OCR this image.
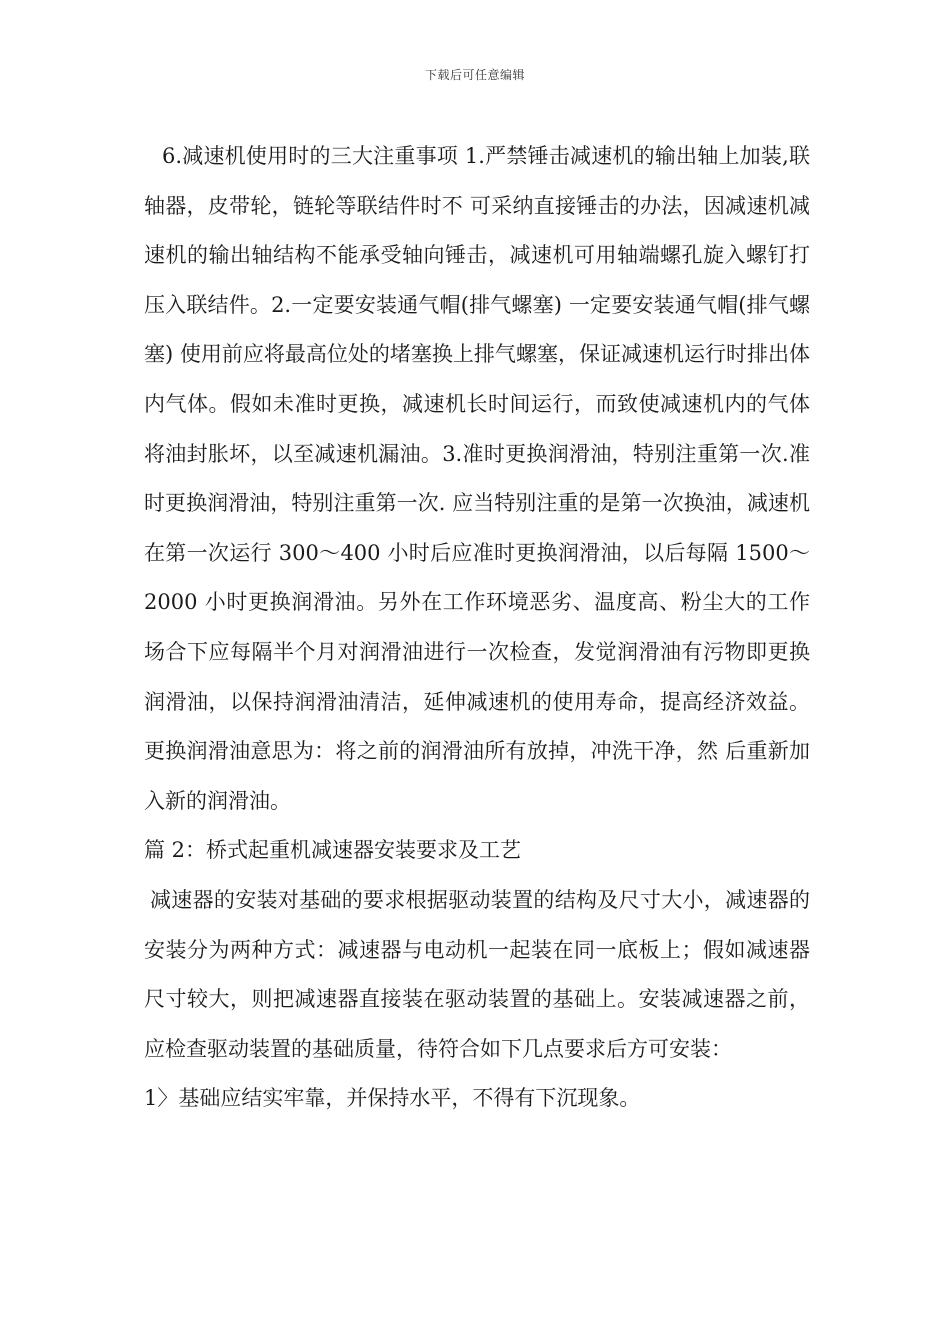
下载后可任意编辑

6.减速机使用时的三大注重事项 1.严禁锤击减速机的输出轴上加装,联轴器，皮带轮，链轮等联结件时不 可采纳直接锤击的办法，因减速机减速机的输出轴结构不能承受轴向锤击，减速机可用轴端螺孔旋入螺钉打压入联结件。2.一定要安装通气帽(排气螺塞) 一定要安装通气帽(排气螺塞) 使用前应将最高位处的堵塞换上排气螺塞，保证减速机运行时排出体内气体。假如未准时更换，减速机长时间运行，而致使减速机内的气体将油封胀坏，以至减速机漏油。3.准时更换润滑油，特别注重第一次.准时更换润滑油，特别注重第一次. 应当特别注重的是第一次换油，减速机在第一次运行 300～400 小时后应准时更换润滑油，以后每隔 1500～2000 小时更换润滑油。另外在工作环境恶劣、温度高、粉尘大的工作场合下应每隔半个月对润滑油进行一次检查，发觉润滑油有污物即更换润滑油，以保持润滑油清洁，延伸减速机的使用寿命，提高经济效益。更换润滑油意思为：将之前的润滑油所有放掉，冲洗干净，然 后重新加入新的润滑油。

篇 2：桥式起重机减速器安装要求及工艺

减速器的安装对基础的要求根据驱动装置的结构及尺寸大小，减速器的安装分为两种方式：减速器与电动机一起装在同一底板上；假如减速器尺寸较大，则把减速器直接装在驱动装置的基础上。安装减速器之前，应检查驱动装置的基础质量，待符合如下几点要求后方可安装：

1〉基础应结实牢靠，并保持水平，不得有下沉现象。
